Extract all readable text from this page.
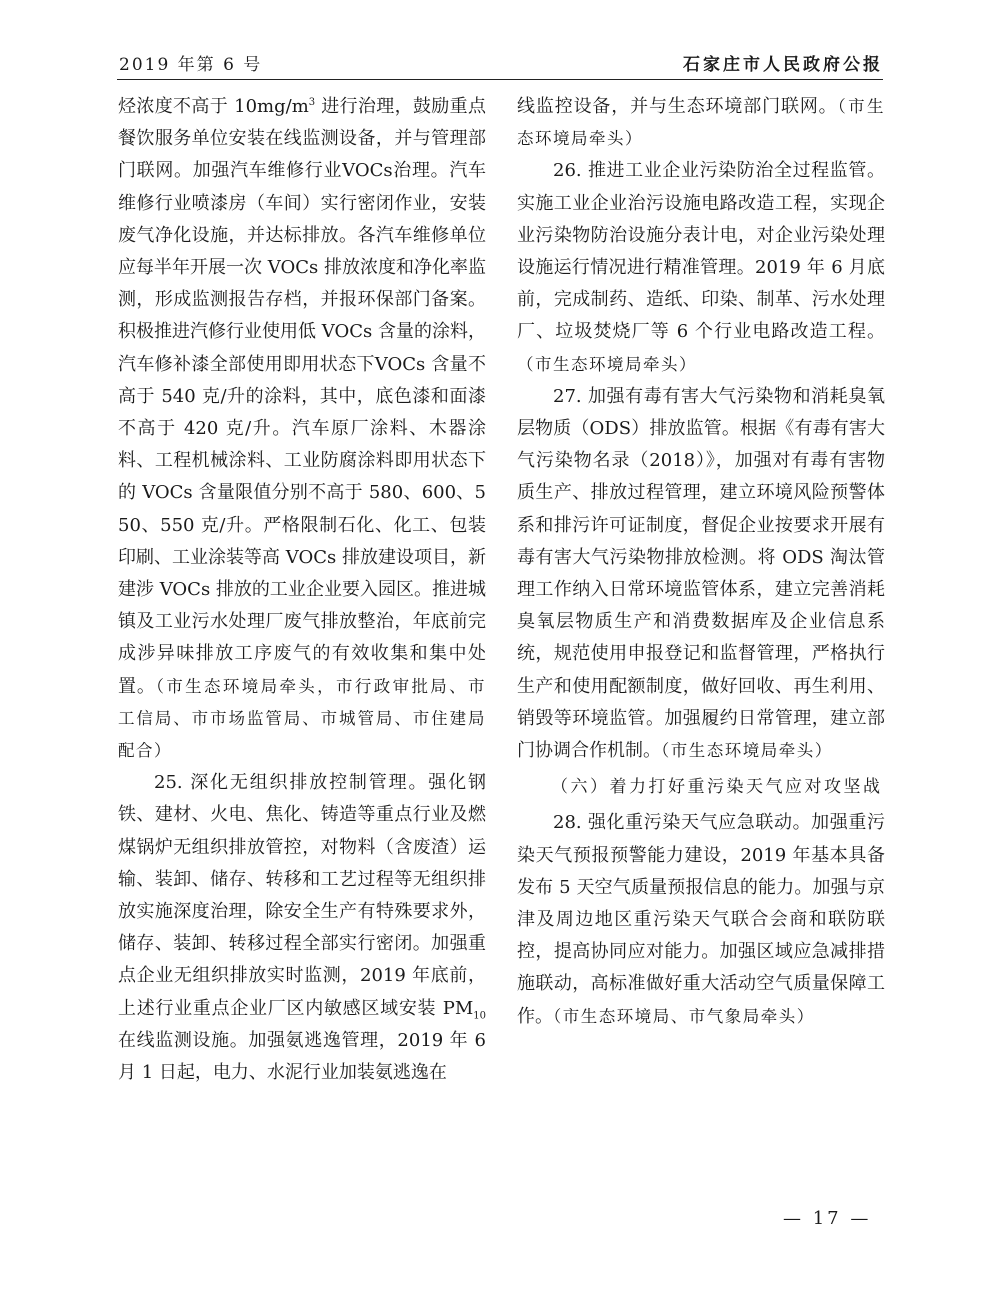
2019 年第 6 号	石家庄市人民政府公报

烃浓度不高于 $10mg/m^3$ 进行治理，鼓励重点餐饮服务单位安装在线监测设备，并与管理部门联网。加强汽车维修行业VOCs治理。汽车维修行业喷漆房（车间）实行密闭作业，安装废气净化设施，并达标排放。各汽车维修单位应每半年开展一次 VOCs 排放浓度和净化率监测，形成监测报告存档，并报环保部门备案。积极推进汽修行业使用低 VOCs 含量的涂料，汽车修补漆全部使用即用状态下VOCs 含量不高于 540 克/升的涂料，其中，底色漆和面漆不高于 420 克/升。汽车原厂涂料、木器涂料、工程机械涂料、工业防腐涂料即用状态下的 VOCs 含量限值分别不高于 580、600、550、550 克/升。严格限制石化、化工、包装印刷、工业涂装等高 VOCs 排放建设项目，新建涉 VOCs 排放的工业企业要入园区。推进城镇及工业污水处理厂废气排放整治，年底前完成涉异味排放工序废气的有效收集和集中处置。（市生态环境局牵头，市行政审批局、市工信局、市市场监管局、市城管局、市住建局配合）

25. 深化无组织排放控制管理。强化钢铁、建材、火电、焦化、铸造等重点行业及燃煤锅炉无组织排放管控，对物料（含废渣）运输、装卸、储存、转移和工艺过程等无组织排放实施深度治理，除安全生产有特殊要求外，储存、装卸、转移过程全部实行密闭。加强重点企业无组织排放实时监测，2019 年底前，上述行业重点企业厂区内敏感区域安装 $PM_{10}$ 在线监测设施。加强氨逃逸管理，2019 年 6 月 1 日起，电力、水泥行业加装氨逃逸在

线监控设备，并与生态环境部门联网。（市生态环境局牵头）

26. 推进工业企业污染防治全过程监管。实施工业企业治污设施电路改造工程，实现企业污染物防治设施分表计电，对企业污染处理设施运行情况进行精准管理。2019 年 6 月底前，完成制药、造纸、印染、制革、污水处理厂、垃圾焚烧厂等 6 个行业电路改造工程。（市生态环境局牵头）

27. 加强有毒有害大气污染物和消耗臭氧层物质（ODS）排放监管。根据《有毒有害大气污染物名录（2018）》，加强对有毒有害物质生产、排放过程管理，建立环境风险预警体系和排污许可证制度，督促企业按要求开展有毒有害大气污染物排放检测。将 ODS 淘汰管理工作纳入日常环境监管体系，建立完善消耗臭氧层物质生产和消费数据库及企业信息系统，规范使用申报登记和监督管理，严格执行生产和使用配额制度，做好回收、再生利用、销毁等环境监管。加强履约日常管理，建立部门协调合作机制。（市生态环境局牵头）

（六）着力打好重污染天气应对攻坚战

28. 强化重污染天气应急联动。加强重污染天气预报预警能力建设，2019 年基本具备发布 5 天空气质量预报信息的能力。加强与京津及周边地区重污染天气联合会商和联防联控，提高协同应对能力。加强区域应急减排措施联动，高标准做好重大活动空气质量保障工作。（市生态环境局、市气象局牵头）

— 17 —
